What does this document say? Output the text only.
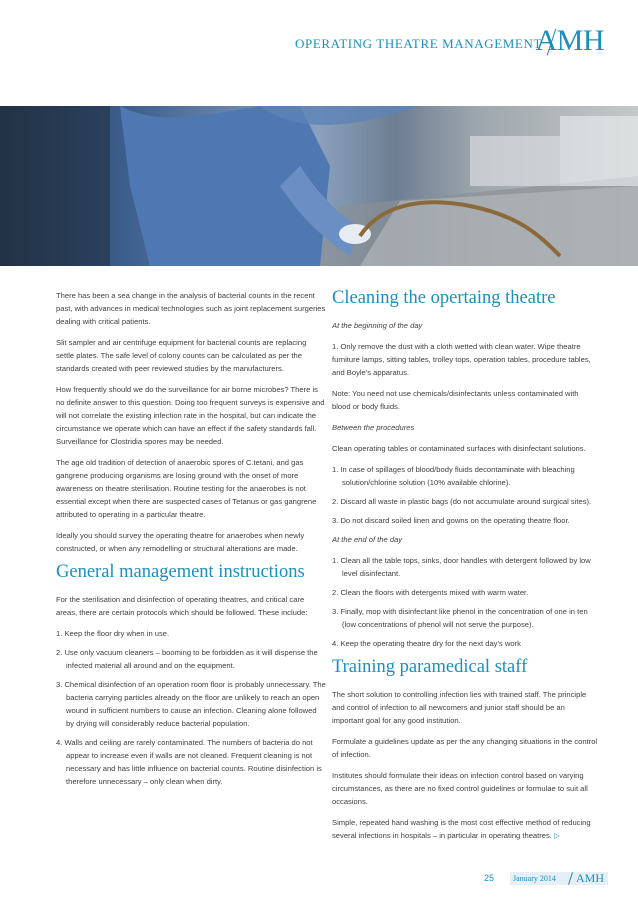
OPERATING THEATRE MANAGEMENT
AMH

There has been a sea change in the analysis of bacterial counts in the recent past, with advances in medical technologies such as joint replacement surgeries dealing with critical patients.

Slit sampler and air centrifuge equipment for bacterial counts are replacing settle plates. The safe level of colony counts can be calculated as per the standards created with peer reviewed studies by the manufacturers.

How frequently should we do the surveillance for air borne microbes? There is no definite answer to this question. Doing too frequent surveys is expensive and will not correlate the existing infection rate in the hospital, but can indicate the circumstance we operate which can have an effect if the safety standards fall. Surveillance for Clostridia spores may be needed.

The age old tradition of detection of anaerobic spores of C.tetani, and gas gangrene producing organisms are losing ground with the onset of more awareness on theatre sterilisation. Routine testing for the anaerobes is not essential except when there are suspected cases of Tetanus or gas gangrene attributed to operating in a particular theatre.

Ideally you should survey the operating theatre for anaerobes when newly constructed, or when any remodelling or structural alterations are made.

General management instructions

For the sterilisation and disinfection of operating theatres, and critical care areas, there are certain protocols which should be followed. These include:

1. Keep the floor dry when in use.
2. Use only vacuum cleaners – booming to be forbidden as it will dispense the infected material all around and on the equipment.
3. Chemical disinfection of an operation room floor is probably unnecessary. The bacteria carrying particles already on the floor are unlikely to reach an open wound in sufficient numbers to cause an infection. Cleaning alone followed by drying will considerably reduce bacterial population.
4. Walls and ceiling are rarely contaminated. The numbers of bacteria do not appear to increase even if walls are not cleaned. Frequent cleaning is not necessary and has little influence on bacterial counts. Routine disinfection is therefore unnecessary – only clean when dirty.
Cleaning the opertaing theatre

At the beginning of the day

1. Only remove the dust with a cloth wetted with clean water. Wipe theatre furniture lamps, sitting tables, trolley tops, operation tables, procedure tables, and Boyle's apparatus.

Note: You need not use chemicals/disinfectants unless contaminated with blood or body fluids.

Between the procedures

Clean operating tables or contaminated surfaces with disinfectant solutions.

1. In case of spillages of blood/body fluids decontaminate with bleaching solution/chlorine solution (10% available chlorine).
2. Discard all waste in plastic bags (do not accumulate around surgical sites).
3. Do not discard soiled linen and gowns on the operating theatre floor.

At the end of the day

1. Clean all the table tops, sinks, door handles with detergent followed by low level disinfectant.
2. Clean the floors with detergents mixed with warm water.
3. Finally, mop with disinfectant like phenol in the concentration of one in ten (low concentrations of phenol will not serve the purpose).
4. Keep the operating theatre dry for the next day's work
Training paramedical staff

The short solution to controlling infection lies with trained staff. The principle and control of infection to all newcomers and junior staff should be an important goal for any good institution.

Formulate a guidelines update as per the any changing situations in the control of infection.

Institutes should formulate their ideas on infection control based on varying circumstances, as there are no fixed control guidelines or formulae to suit all occasions.

Simple, repeated hand washing is the most cost effective method of reducing several infections in hospitals – in particular in operating theatres. ▷

25 January 2014 AMH
